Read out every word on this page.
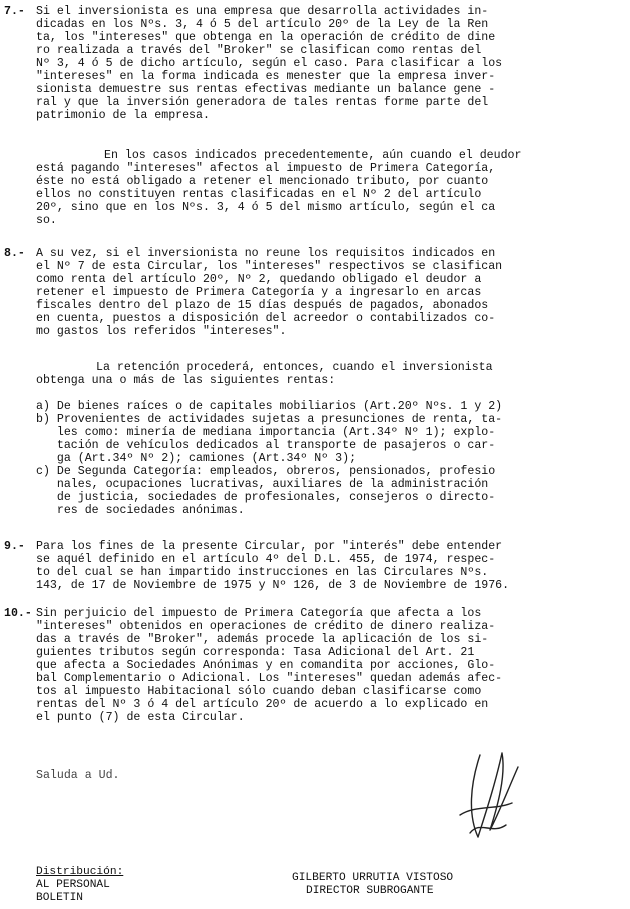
7.- Si el inversionista es una empresa que desarrolla actividades in-
dicadas en los Nºs. 3, 4 ó 5 del artículo 20º de la Ley de la Ren
ta, los "intereses" que obtenga en la operación de crédito de dine
ro realizada a través del "Broker" se clasifican como rentas del
Nº 3, 4 ó 5 de dicho artículo, según el caso. Para clasificar a los
"intereses" en la forma indicada es menester que la empresa inver-
sionista demuestre sus rentas efectivas mediante un balance gene -
ral y que la inversión generadora de tales rentas forme parte del
patrimonio de la empresa.
En los casos indicados precedentemente, aún cuando el deudor
está pagando "intereses" afectos al impuesto de Primera Categoría,
éste no está obligado a retener el mencionado tributo, por cuanto
ellos no constituyen rentas clasificadas en el Nº 2 del artículo
20º, sino que en los Nºs. 3, 4 ó 5 del mismo artículo, según el ca
so.
8.- A su vez, si el inversionista no reune los requisitos indicados en
el Nº 7 de esta Circular, los "intereses" respectivos se clasifican
como renta del artículo 20º, Nº 2, quedando obligado el deudor a
retener el impuesto de Primera Categoría y a ingresarlo en arcas
fiscales dentro del plazo de 15 días después de pagados, abonados
en cuenta, puestos a disposición del acreedor o contabilizados co-
mo gastos los referidos "intereses".
La retención procederá, entonces, cuando el inversionista
obtenga una o más de las siguientes rentas:
a) De bienes raíces o de capitales mobiliarios (Art.20º Nºs. 1 y 2)
b) Provenientes de actividades sujetas a presunciones de renta, ta-
les como: minería de mediana importancia (Art.34º Nº 1); explo-
tación de vehículos dedicados al transporte de pasajeros o car-
ga (Art.34º Nº 2); camiones (Art.34º Nº 3);
c) De Segunda Categoría: empleados, obreros, pensionados, profesio
nales, ocupaciones lucrativas, auxiliares de la administración
de justicia, sociedades de profesionales, consejeros o directo-
res de sociedades anónimas.
9.- Para los fines de la presente Circular, por "interés" debe entender
se aquél definido en el artículo 4º del D.L. 455, de 1974, respec-
to del cual se han impartido instrucciones en las Circulares Nºs.
143, de 17 de Noviembre de 1975 y Nº 126, de 3 de Noviembre de 1976.
10.- Sin perjuicio del impuesto de Primera Categoría que afecta a los
"intereses" obtenidos en operaciones de crédito de dinero realiza-
das a través de "Broker", además procede la aplicación de los si-
guientes tributos según corresponda: Tasa Adicional del Art. 21
que afecta a Sociedades Anónimas y en comandita por acciones, Glo-
bal Complementario o Adicional. Los "intereses" quedan además afec-
tos al impuesto Habitacional sólo cuando deban clasificarse como
rentas del Nº 3 ó 4 del artículo 20º de acuerdo a lo explicado en
el punto (7) de esta Circular.
Saluda a Ud.
Distribución:
AL PERSONAL
BOLETIN
GILBERTO URRUTIA VISTOSO
DIRECTOR SUBROGANTE
